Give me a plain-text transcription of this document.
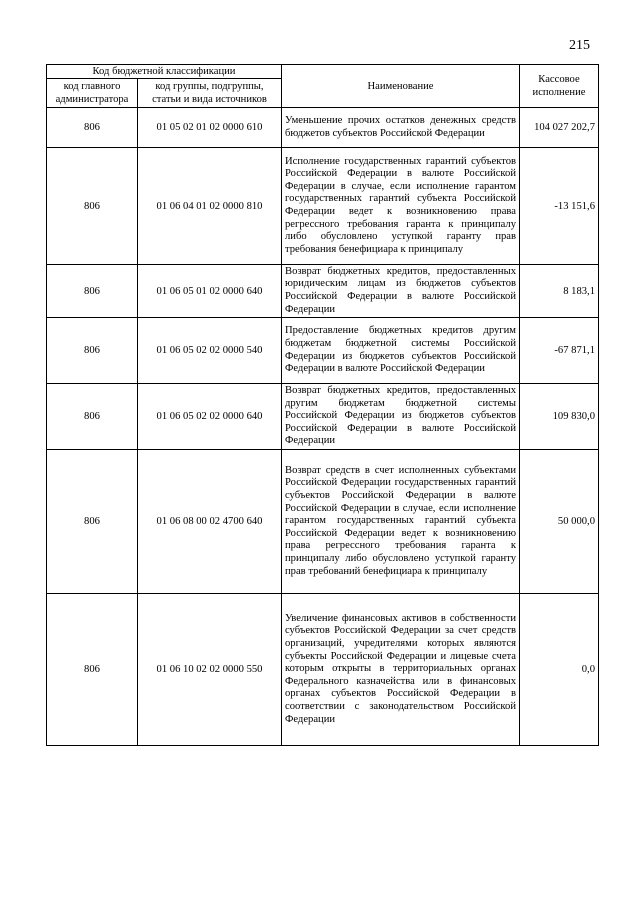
215
Код бюджетной классификации		Наименование	Кассовое исполнение
код главного администратора	код группы, подгруппы, статьи и вида источников		
806	01 05 02 01 02 0000 610	Уменьшение прочих остатков денежных средств бюджетов субъектов Российской Федерации	104 027 202,7
806	01 06 04 01 02 0000 810	Исполнение государственных гарантий субъектов Российской Федерации в валюте Российской Федерации в случае, если исполнение гарантом государственных гарантий субъекта Российской Федерации ведет к возникновению права регрессного требования гаранта к принципалу либо обусловлено уступкой гаранту прав требования бенефициара к принципалу	-13 151,6
806	01 06 05 01 02 0000 640	Возврат бюджетных кредитов, предоставленных юридическим лицам из бюджетов субъектов Российской Федерации в валюте Российской Федерации	8 183,1
806	01 06 05 02 02 0000 540	Предоставление бюджетных кредитов другим бюджетам бюджетной системы Российской Федерации из бюджетов субъектов Российской Федерации в валюте Российской Федерации	-67 871,1
806	01 06 05 02 02 0000 640	Возврат бюджетных кредитов, предоставленных другим бюджетам бюджетной системы Российской Федерации из бюджетов субъектов Российской Федерации в валюте Российской Федерации	109 830,0
806	01 06 08 00 02 4700 640	Возврат средств в счет исполненных субъектами Российской Федерации государственных гарантий субъектов Российской Федерации в валюте Российской Федерации в случае, если исполнение гарантом государственных гарантий субъекта Российской Федерации ведет к возникновению права регрессного требования гаранта к принципалу либо обусловлено уступкой гаранту прав требований бенефициара к принципалу	50 000,0
806	01 06 10 02 02 0000 550	Увеличение финансовых активов в собственности субъектов Российской Федерации за счет средств организаций, учредителями которых являются субъекты Российской Федерации и лицевые счета которым открыты в территориальных органах Федерального казначейства или в финансовых органах субъектов Российской Федерации в соответствии с законодательством Российской Федерации	0,0
